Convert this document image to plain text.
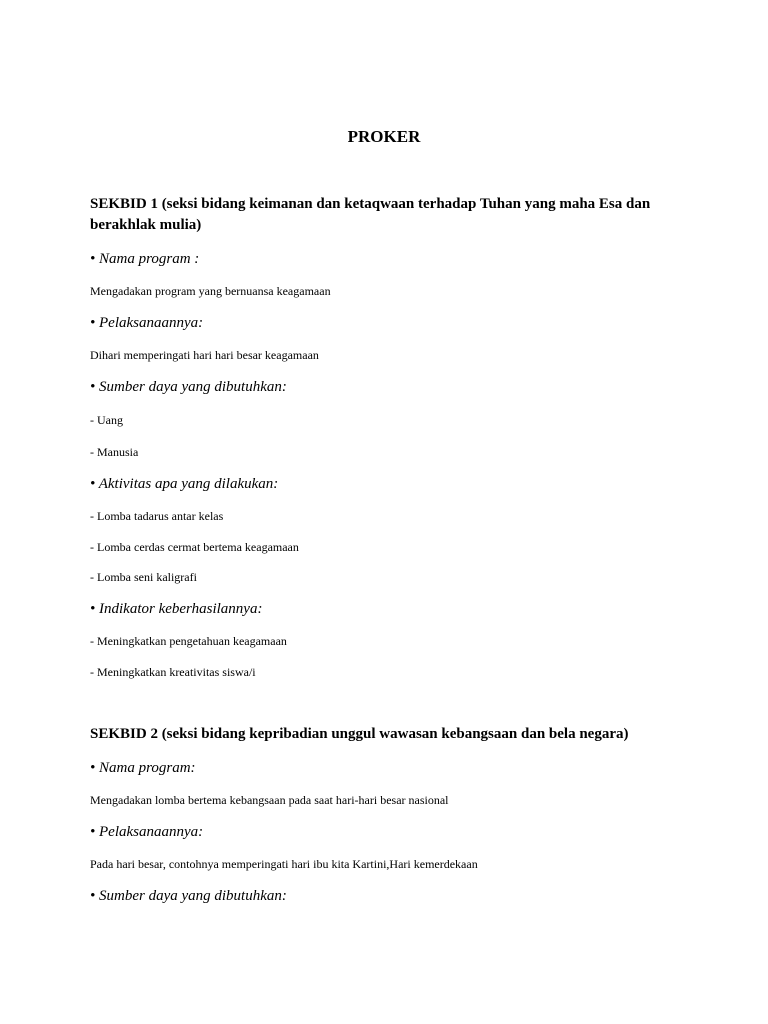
PROKER

SEKBID 1 (seksi bidang keimanan dan ketaqwaan terhadap Tuhan yang maha Esa dan berakhlak mulia)

• Nama program :

Mengadakan program yang bernuansa keagamaan

• Pelaksanaannya:

Dihari memperingati hari hari besar keagamaan

• Sumber daya yang dibutuhkan:

- Uang

- Manusia

• Aktivitas apa yang dilakukan:

- Lomba tadarus antar kelas

- Lomba cerdas cermat bertema keagamaan

- Lomba seni kaligrafi

• Indikator keberhasilannya:

- Meningkatkan pengetahuan keagamaan

- Meningkatkan kreativitas siswa/i

SEKBID 2 (seksi bidang kepribadian unggul wawasan kebangsaan dan bela negara)

• Nama program:

Mengadakan lomba bertema kebangsaan pada saat hari-hari besar nasional

• Pelaksanaannya:

Pada hari besar, contohnya memperingati hari ibu kita Kartini,Hari kemerdekaan

• Sumber daya yang dibutuhkan:
